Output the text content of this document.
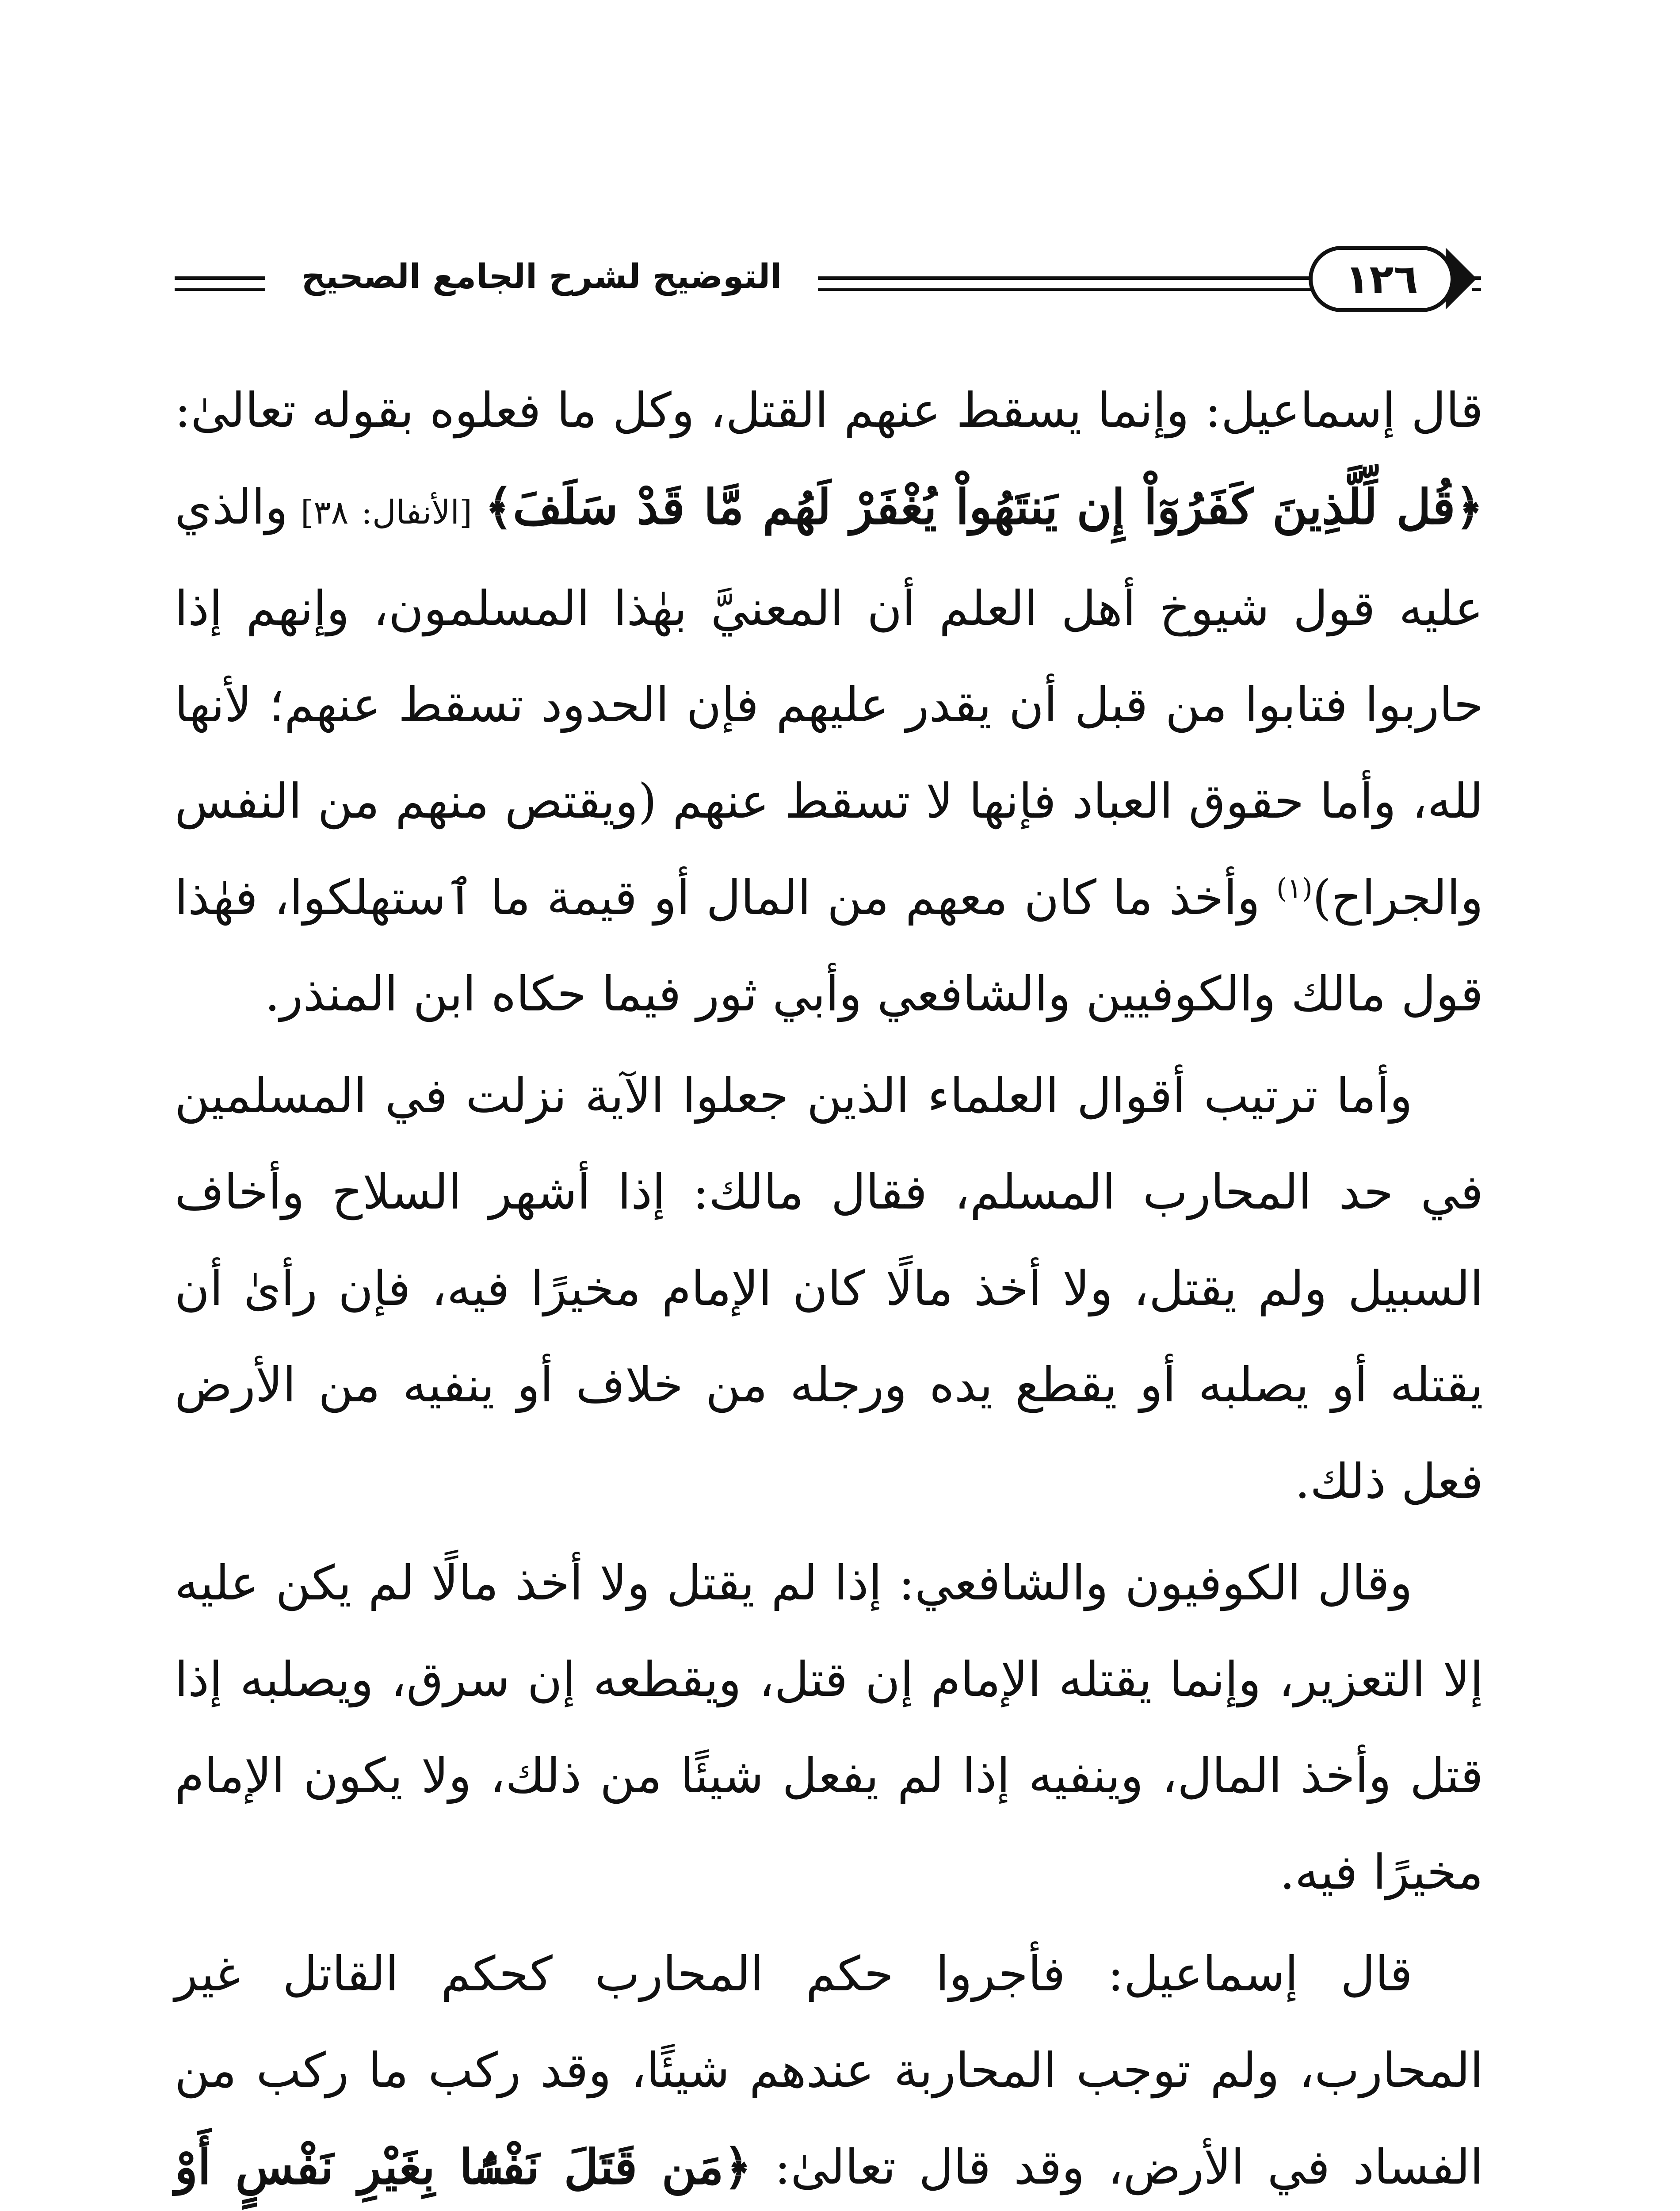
التوضيح لشرح الجامع الصحيح	١٢٦

قال إسماعيل: وإنما يسقط عنهم القتل، وكل ما فعلوه بقوله تعالىٰ: ﴿قُل لِّلَّذِينَ كَفَرُوٓاْ إِن يَنتَهُواْ يُغْفَرْ لَهُم مَّا قَدْ سَلَفَ﴾ [الأنفال: ٣٨] والذي عليه قول شيوخ أهل العلم أن المعنيَّ بهٰذا المسلمون، وإنهم إذا حاربوا فتابوا من قبل أن يقدر عليهم فإن الحدود تسقط عنهم؛ لأنها لله، وأما حقوق العباد فإنها لا تسقط عنهم (ويقتص منهم من النفس والجراح)$^{(١)}$ وأخذ ما كان معهم من المال أو قيمة ما ٱستهلكوا، فهٰذا قول مالك والكوفيين والشافعي وأبي ثور فيما حكاه ابن المنذر.

وأما ترتيب أقوال العلماء الذين جعلوا الآية نزلت في المسلمين في حد المحارب المسلم، فقال مالك: إذا أشهر السلاح وأخاف السبيل ولم يقتل، ولا أخذ مالًا كان الإمام مخيرًا فيه، فإن رأىٰ أن يقتله أو يصلبه أو يقطع يده ورجله من خلاف أو ينفيه من الأرض فعل ذلك.

وقال الكوفيون والشافعي: إذا لم يقتل ولا أخذ مالًا لم يكن عليه إلا التعزير، وإنما يقتله الإمام إن قتل، ويقطعه إن سرق، ويصلبه إذا قتل وأخذ المال، وينفيه إذا لم يفعل شيئًا من ذلك، ولا يكون الإمام مخيرًا فيه.

قال إسماعيل: فأجروا حكم المحارب كحكم القاتل غير المحارب، ولم توجب المحاربة عندهم شيئًا، وقد ركب ما ركب من الفساد في الأرض، وقد قال تعالىٰ: ﴿مَن قَتَلَ نَفْسًۢا بِغَيْرِ نَفْسٍ أَوْ
